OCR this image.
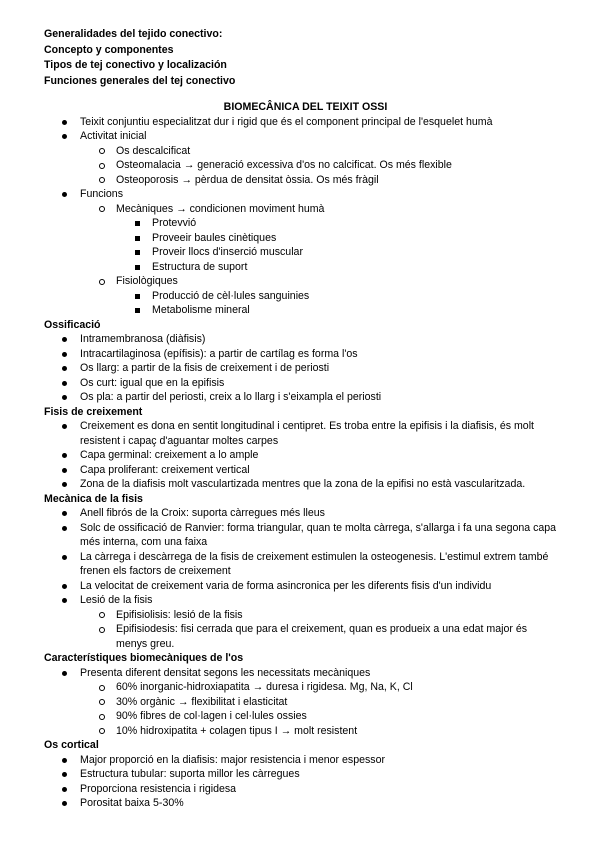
Generalidades del tejido conectivo:
Concepto y componentes
Tipos de tej conectivo y localización
Funciones generales del tej conectivo
BIOMECÂNICA DEL TEIXIT OSSI
Teixit conjuntiu especialitzat dur i rigid que és el component principal de l'esquelet humà
Activitat inicial
Os descalcificat
Osteomalacia → generació excessiva d'os no calcificat. Os més flexible
Osteoporosis → pèrdua de densitat òssia. Os més fràgil
Funcions
Mecàniques → condicionen moviment humà
Protevvió
Proveeir baules cinètiques
Proveir llocs d'inserció muscular
Estructura de suport
Fisiològiques
Producció de cèl·lules sanguinies
Metabolisme mineral
Ossificació
Intramembranosa (diàfisis)
Intracartilaginosa (epífisis): a partir de cartílag es forma l'os
Os llarg: a partir de la fisis de creixement i de periosti
Os curt: igual que en la epifisis
Os pla: a partir del periosti, creix a lo llarg i s'eixampla el periosti
Fisis de creixement
Creixement es dona en sentit longitudinal i centipret. Es troba entre la epifisis i la diafisis, és molt resistent i capaç d'aguantar moltes carpes
Capa germinal: creixement a lo ample
Capa proliferant: creixement vertical
Zona de la diafisis molt vasculartizada mentres que la zona de la epifisi no està vascularitzada.
Mecànica de la fisis
Anell fibrós de la Croix: suporta càrregues més lleus
Solc de ossificació de Ranvier: forma triangular, quan te molta càrrega, s'allarga i fa una segona capa més interna, com una faixa
La càrrega i descàrrega de la fisis de creixement estimulen la osteogenesis. L'estimul extrem també frenen els factors de creixement
La velocitat de creixement varia de forma asincronica per les diferents fisis d'un individu
Lesió de la fisis
Epifisiolisis: lesió de la fisis
Epifisiodesis: fisi cerrada que para el creixement, quan es produeix a una edat major és menys greu.
Característiques biomecàniques de l'os
Presenta diferent densitat segons les necessitats mecàniques
60% inorganic-hidroxiapatita → duresa i rigidesa. Mg, Na, K, Cl
30% orgànic → flexibilitat i elasticitat
90% fibres de col·lagen i cel·lules ossies
10% hidroxipatita + colagen tipus I → molt resistent
Os cortical
Major proporció en la diafisis: major resistencia i menor espessor
Estructura tubular: suporta millor les càrregues
Proporciona resistencia i rigidesa
Porositat baixa 5-30%
